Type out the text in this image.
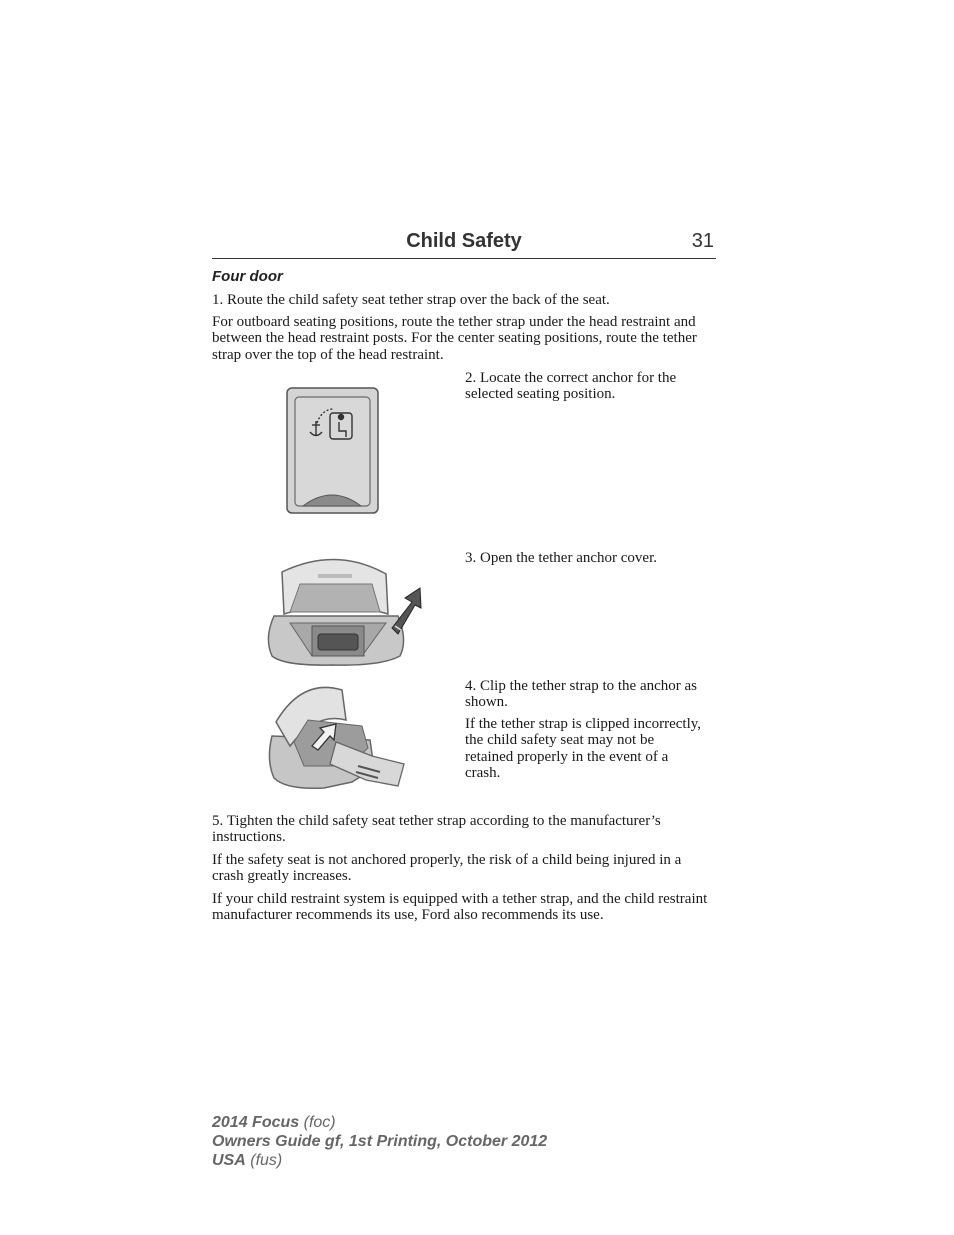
Child Safety	31
Four door
1. Route the child safety seat tether strap over the back of the seat.
For outboard seating positions, route the tether strap under the head restraint and between the head restraint posts. For the center seating positions, route the tether strap over the top of the head restraint.
2. Locate the correct anchor for the selected seating position.
3. Open the tether anchor cover.
4. Clip the tether strap to the anchor as shown.
If the tether strap is clipped incorrectly, the child safety seat may not be retained properly in the event of a crash.
5. Tighten the child safety seat tether strap according to the manufacturer’s instructions.
If the safety seat is not anchored properly, the risk of a child being injured in a crash greatly increases.
If your child restraint system is equipped with a tether strap, and the child restraint manufacturer recommends its use, Ford also recommends its use.
2014 Focus (foc)
Owners Guide gf, 1st Printing, October 2012
USA (fus)
